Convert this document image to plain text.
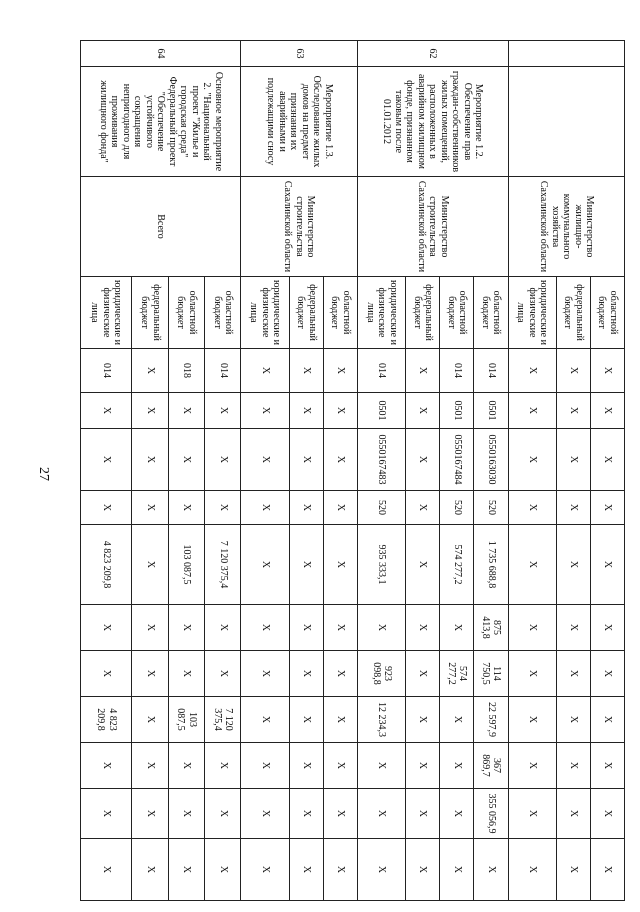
27
		Министерство жилищно-коммунального хозяйства Сахалинской области	областной бюджет	X	X	X	X	X	X	X	X	X	X	X
			федеральный бюджет	X	X	X	X	X	X	X	X	X	X	X
			юридические и физические лица	X	X	X	X	X	X	X	X	X	X	X
62	Мероприятие 1.2. Обеспечение прав граждан-собственников жилых помещений, расположенных в аварийном жилищном фонде, признанном таковым после 01.01.2012	Министерство строительства Сахалинской области	областной бюджет	014	0501	0550163030	520	1 735 688,8	875 413,8	114 750,5	22 597,9	367 869,7	355 056,9	X
			областной бюджет	014	0501	0550167484	520	574 277,2	X	574 277,2	X	X	X	X
			федеральный бюджет	X	X	X	X	X	X	X	X	X	X	X
			юридические и физические лица	014	0501	0550167483	520	935 333,1	X	923 098,8	12 234,3	X	X	X
63	Мероприятие 1.3. Обследование жилых домов на предмет признания их аварийными и подлежащими сносу	Министерство строительства Сахалинской области	областной бюджет	X	X	X	X	X	X	X	X	X	X	X
			федеральный бюджет	X	X	X	X	X	X	X	X	X	X	X
			юридические и физические лица	X	X	X	X	X	X	X	X	X	X	X
64	Основное мероприятие 2. "Национальный проект "Жилье и городская среда" Федеральный проект "Обеспечение устойчивого сокращения непригодного для проживания жилищного фонда"	Всего	областной бюджет	014	X	X	X	7 120 375,4	X	X	7 120 375,4	X	X	X
			областной бюджет	018	X	X	X	103 087,5	X	X	103 087,5	X	X	X
			федеральный бюджет	X	X	X	X	X	X	X	X	X	X	X
			юридические и физические лица	014	X	X	X	4 823 209,8	X	X	4 823 209,8	X	X	X
